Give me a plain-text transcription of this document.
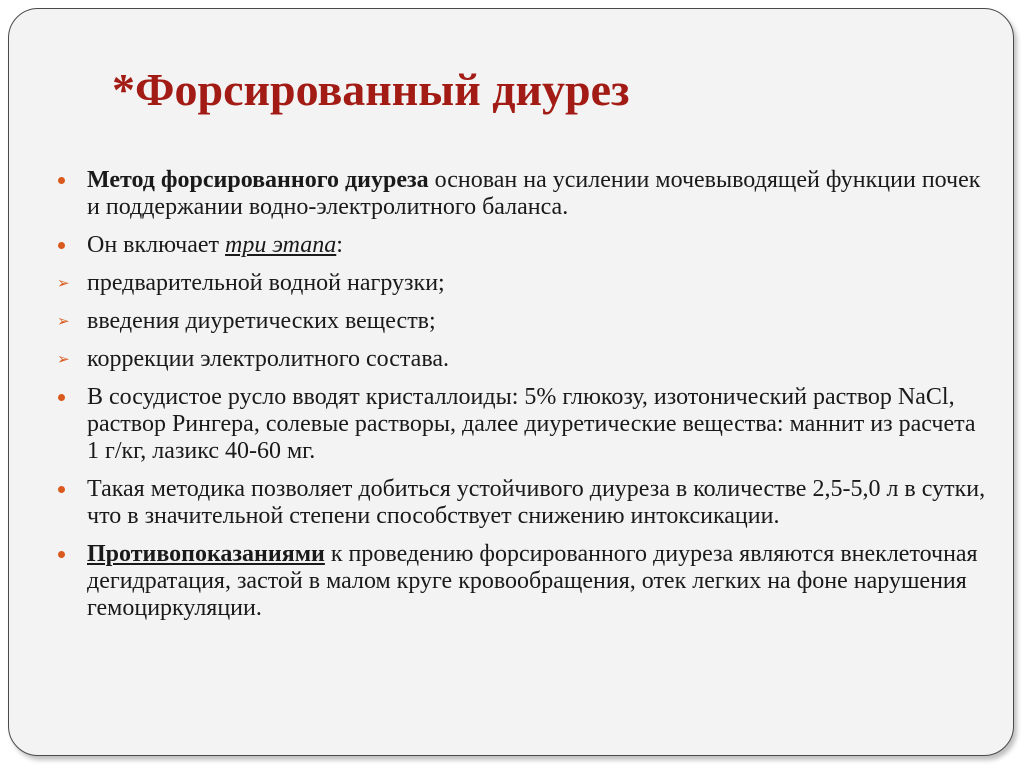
*Форсированный диурез
Метод форсированного диуреза основан на усилении мочевыводящей функции почек и поддержании водно-электролитного баланса.
Он включает три этапа:
➢ предварительной водной нагрузки;
➢ введения диуретических веществ;
➢ коррекции электролитного состава.
В сосудистое русло вводят кристаллоиды: 5% глюкозу, изотонический раствор NaCl, раствор Рингера, солевые растворы, далее диуретические вещества: маннит из расчета 1 г/кг, лазикс 40-60 мг.
Такая методика позволяет добиться устойчивого диуреза в количестве 2,5-5,0 л в сутки, что в значительной степени способствует снижению интоксикации.
Противопоказаниями к проведению форсированного диуреза являются внеклеточная дегидратация, застой в малом круге кровообращения, отек легких на фоне нарушения гемоциркуляции.
